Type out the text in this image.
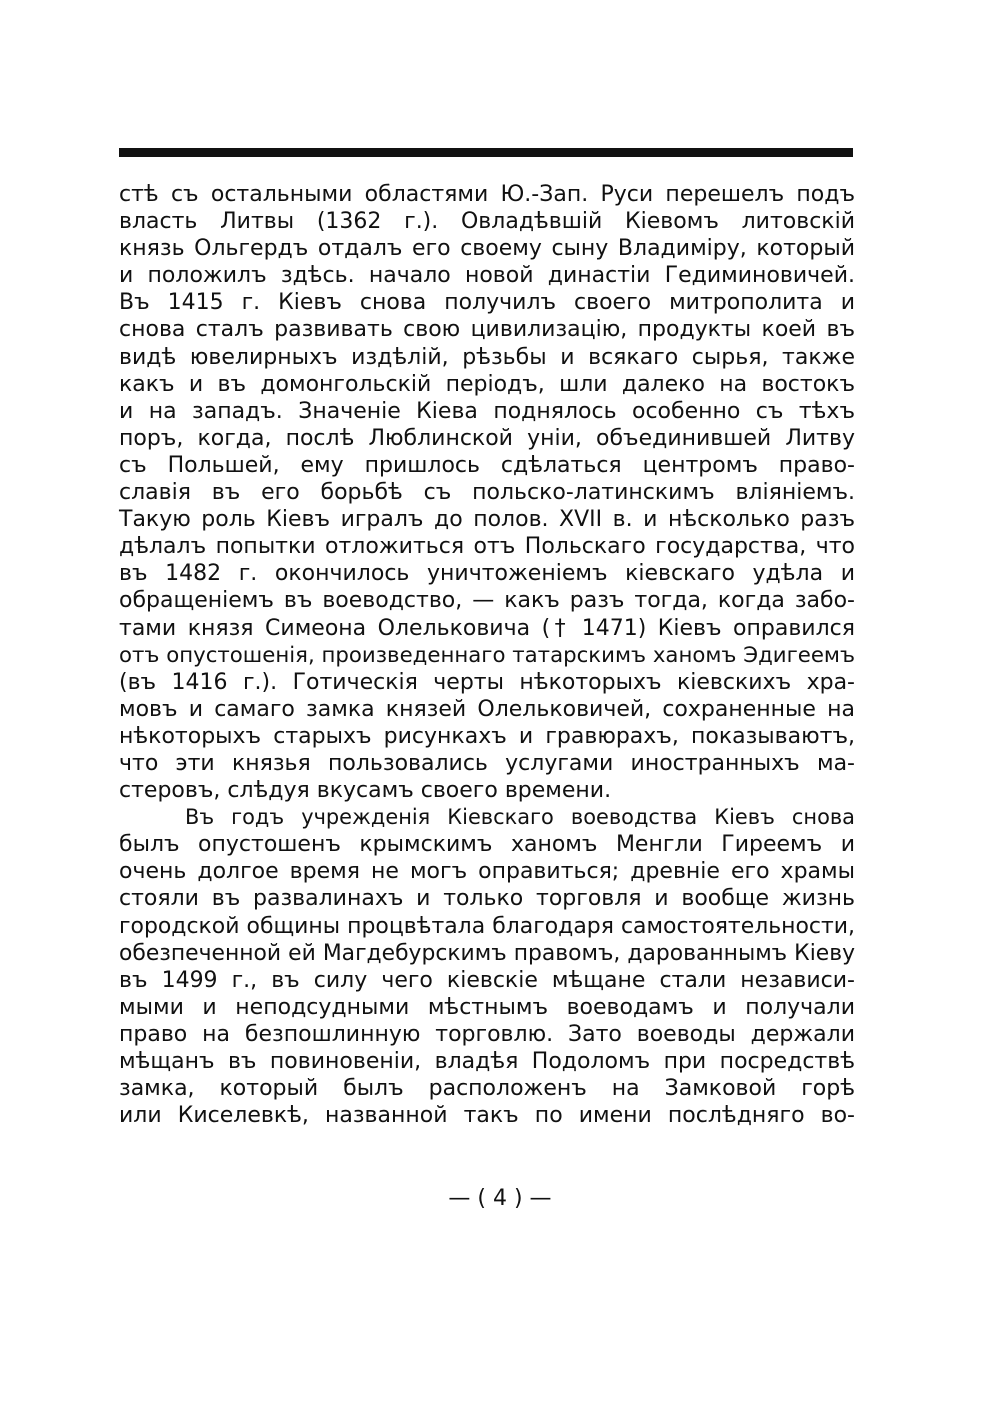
стѣ съ остальными областями Ю.-Зап. Руси перешелъ подъ
власть Литвы (1362 г.). Овладѣвшій Кіевомъ литовскій
князь Ольгердъ отдалъ его своему сыну Владиміру, который
и положилъ здѣсь. начало новой династіи Гедиминовичей.
Въ 1415 г. Кіевъ снова получилъ своего митрополита и
снова сталъ развивать свою цивилизацію, продукты коей въ
видѣ ювелирныхъ издѣлій, рѣзьбы и всякаго сырья, также
какъ и въ домонгольскій періодъ, шли далеко на востокъ
и на западъ. Значеніе Кіева поднялось особенно съ тѣхъ
поръ, когда, послѣ Люблинской уніи, объединившей Литву
съ Польшей, ему пришлось сдѣлаться центромъ право-
славія въ его борьбѣ съ польско-латинскимъ вліяніемъ.
Такую роль Кіевъ игралъ до полов. XVII в. и нѣсколько разъ
дѣлалъ попытки отложиться отъ Польскаго государства, что
въ 1482 г. окончилось уничтоженіемъ кіевскаго удѣла и
обращеніемъ въ воеводство, — какъ разъ тогда, когда забо-
тами князя Симеона Олельковича († 1471) Кіевъ оправился
отъ опустошенія, произведеннаго татарскимъ ханомъ Эдигеемъ
(въ 1416 г.). Готическія черты нѣкоторыхъ кіевскихъ хра-
мовъ и самаго замка князей Олельковичей, сохраненные на
нѣкоторыхъ старыхъ рисункахъ и гравюрахъ, показываютъ,
что эти князья пользовались услугами иностранныхъ ма-
стеровъ, слѣдуя вкусамъ своего времени.
Въ годъ учрежденія Кіевскаго воеводства Кіевъ снова
былъ опустошенъ крымскимъ ханомъ Менгли Гиреемъ и
очень долгое время не могъ оправиться; древніе его храмы
стояли въ развалинахъ и только торговля и вообще жизнь
городской общины процвѣтала благодаря самостоятельности,
обезпеченной ей Магдебурскимъ правомъ, дарованнымъ Кіеву
въ 1499 г., въ силу чего кіевскіе мѣщане стали независи-
мыми и неподсудными мѣстнымъ воеводамъ и получали
право на безпошлинную торговлю. Зато воеводы держали
мѣщанъ въ повиновеніи, владѣя Подоломъ при посредствѣ
замка, который былъ расположенъ на Замковой горѣ
или Киселевкѣ, названной такъ по имени послѣдняго во-
— ( 4 ) —
